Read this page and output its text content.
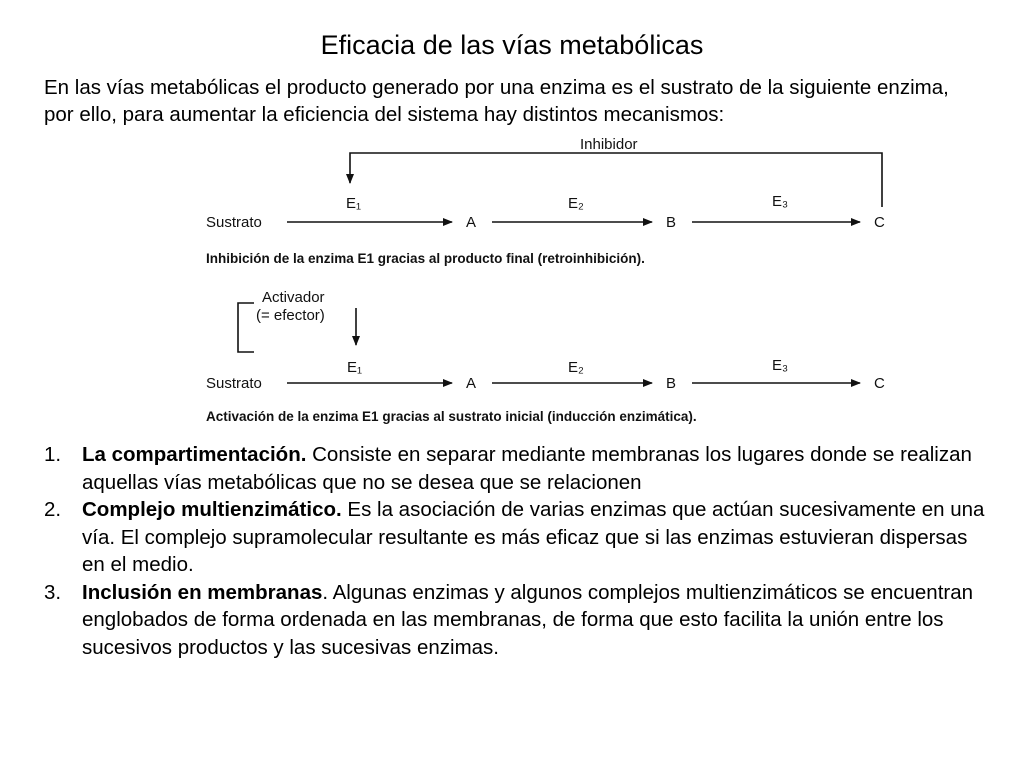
Eficacia de las vías metabólicas
En las vías metabólicas el producto generado por una enzima es el sustrato de la siguiente enzima, por ello, para aumentar la eficiencia del sistema hay distintos mecanismos:
Inhibidor
Sustrato
E₁
A
E₂
B
E₃
C
Inhibición de la enzima E1 gracias al producto final (retroinhibición).
Activador
(= efector)
Sustrato
E₁
A
E₂
B
E₃
C
Activación de la enzima E1 gracias al sustrato inicial (inducción enzimática).
1. La compartimentación. Consiste en separar mediante membranas los lugares donde se realizan aquellas vías metabólicas que no se desea que se relacionen
2. Complejo multienzimático. Es la asociación de varias enzimas que actúan sucesivamente en una vía. El complejo supramolecular resultante es más eficaz que si las enzimas estuvieran dispersas en el medio.
3. Inclusión en membranas. Algunas enzimas y algunos complejos multienzimáticos se encuentran englobados de forma ordenada en las membranas, de forma que esto facilita la unión entre los sucesivos productos y las sucesivas enzimas.
